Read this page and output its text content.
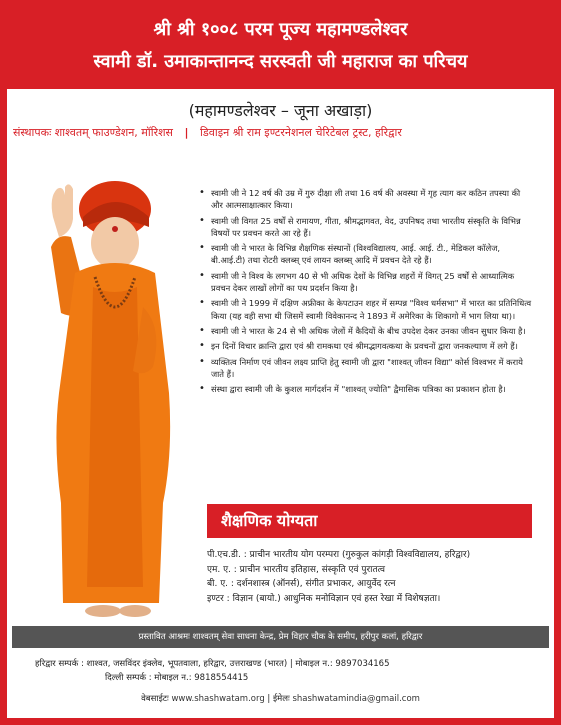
श्री श्री १००८ परम पूज्य महामण्डलेश्वर
स्वामी डॉ. उमाकान्तानन्द सरस्वती जी महाराज का परिचय
(महामण्डलेश्वर – जूना अखाड़ा)
संस्थापकः शाश्वतम् फाउण्डेशन, मॉरिशस | डिवाइन श्री राम इण्टरनेशनल चेरिटेबल ट्रस्ट, हरिद्वार
• स्वामी जी ने 12 वर्ष की उम्र में गुरु दीक्षा ली तथा 16 वर्ष की अवस्था में गृह त्याग कर कठिन तपस्या की और आत्मसाक्षात्कार किया।
• स्वामी जी विगत 25 वर्षों से रामायण, गीता, श्रीमद्भागवत, वेद, उपनिषद तथा भारतीय संस्कृति के विभिन्न विषयों पर प्रवचन करते आ रहे हैं।
• स्वामी जी ने भारत के विभिन्न शैक्षणिक संस्थानों (विश्वविद्यालय, आई. आई. टी., मेडिकल कॉलेज, बी.आई.टी) तथा रोटरी क्लब्स् एवं लायन क्लब्स् आदि में प्रवचन देते रहे हैं।
• स्वामी जी ने विश्व के लगभग 40 से भी अधिक देशों के विभिन्न शहरों में विगत् 25 वर्षों से आध्यात्मिक प्रवचन देकर लाखों लोगों का पथ प्रदर्शन किया है।
• स्वामी जी ने 1999 में दक्षिण अफ्रीका के केपटाउन शहर में सम्पन्न "विश्व धर्मसभा" में भारत का प्रतिनिधित्व किया (यह वही सभा थी जिसमें स्वामी विवेकानन्द ने 1893 में अमेरिका के शिकागो में भाग लिया था)।
• स्वामी जी ने भारत के 24 से भी अधिक जेलों में कैदियों के बीच उपदेश देकर उनका जीवन सुधार किया है।
• इन दिनों विचार क्रान्ति द्वारा एवं श्री रामकथा एवं श्रीमद्भागवत्कथा के प्रवचनों द्वारा जनकल्याण में लगे हैं।
• व्यक्तित्व निर्माण एवं जीवन लक्ष्य प्राप्ति हेतु स्वामी जी द्वारा "शाश्वत् जीवन विद्या" कोर्स विश्वभर में कराये जाते हैं।
• संस्था द्वारा स्वामी जी के कुशल मार्गदर्शन में "शाश्वत् ज्योति" द्वैमासिक पत्रिका का प्रकाशन होता है।
शैक्षणिक योग्यता
पी.एच.डी. : प्राचीन भारतीय योग परम्परा (गुरुकुल कांगड़ी विश्वविद्यालय, हरिद्वार)
एम. ए. : प्राचीन भारतीय इतिहास, संस्कृति एवं पुरातत्व
बी. ए. : दर्शनशास्त्र (ऑनर्स), संगीत प्रभाकर, आयुर्वेद रत्न
इण्टर : विज्ञान (बायो.) आधुनिक मनोविज्ञान एवं हस्त रेखा में विशेषज्ञता।
प्रस्तावित आश्रमः शाश्वतम् सेवा साधना केन्द्र, प्रेम विहार चौक के समीप, हरीपुर कलां, हरिद्वार
हरिद्वार सम्पर्क : शाश्वत, जसविंदर इंक्लेव, भूपतवाला, हरिद्वार, उत्तराखण्ड (भारत) | मोबाइल न.: 9897034165
दिल्ली सम्पर्क : मोबाइल न.: 9818554415
वेबसाईटः www.shashwatam.org | ईमेलः shashwatamindia@gmail.com
